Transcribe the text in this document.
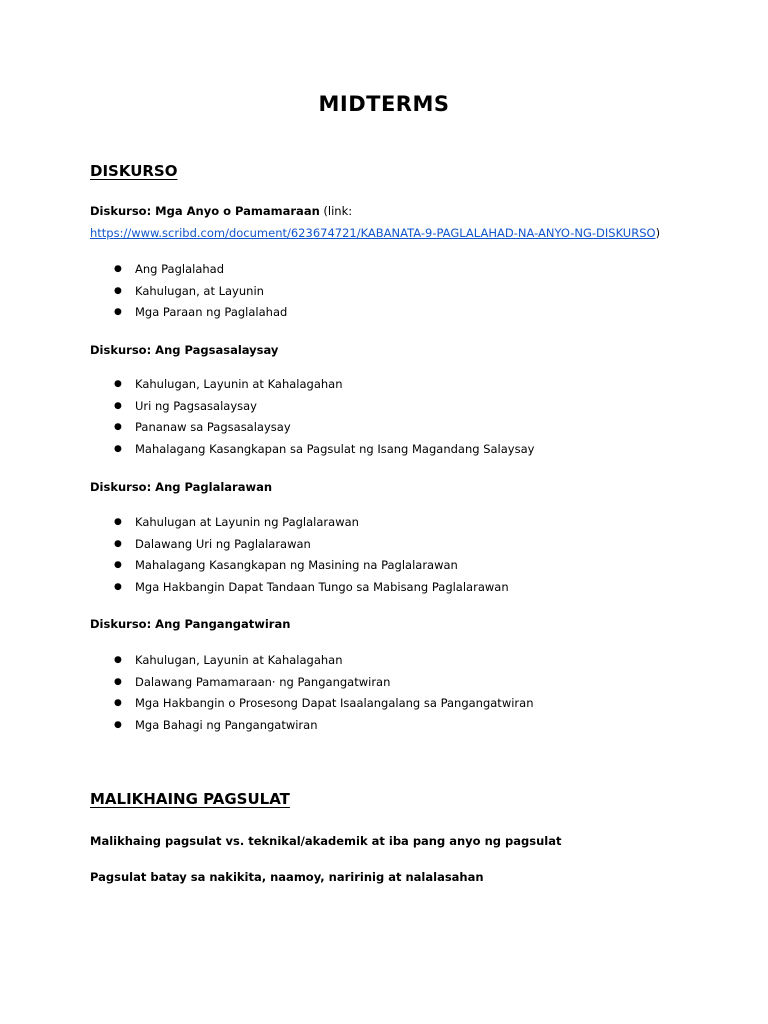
MIDTERMS
DISKURSO
Diskurso: Mga Anyo o Pamamaraan (link:
https://www.scribd.com/document/623674721/KABANATA-9-PAGLALAHAD-NA-ANYO-NG-DISKURSO)
● Ang Paglalahad
● Kahulugan, at Layunin
● Mga Paraan ng Paglalahad
Diskurso: Ang Pagsasalaysay
● Kahulugan, Layunin at Kahalagahan
● Uri ng Pagsasalaysay
● Pananaw sa Pagsasalaysay
● Mahalagang Kasangkapan sa Pagsulat ng Isang Magandang Salaysay
Diskurso: Ang Paglalarawan
● Kahulugan at Layunin ng Paglalarawan
● Dalawang Uri ng Paglalarawan
● Mahalagang Kasangkapan ng Masining na Paglalarawan
● Mga Hakbangin Dapat Tandaan Tungo sa Mabisang Paglalarawan
Diskurso: Ang Pangangatwiran
● Kahulugan, Layunin at Kahalagahan
● Dalawang Pamamaraan· ng Pangangatwiran
● Mga Hakbangin o Prosesong Dapat Isaalangalang sa Pangangatwiran
● Mga Bahagi ng Pangangatwiran
MALIKHAING PAGSULAT
Malikhaing pagsulat vs. teknikal/akademik at iba pang anyo ng pagsulat
Pagsulat batay sa nakikita, naamoy, naririnig at nalalasahan
